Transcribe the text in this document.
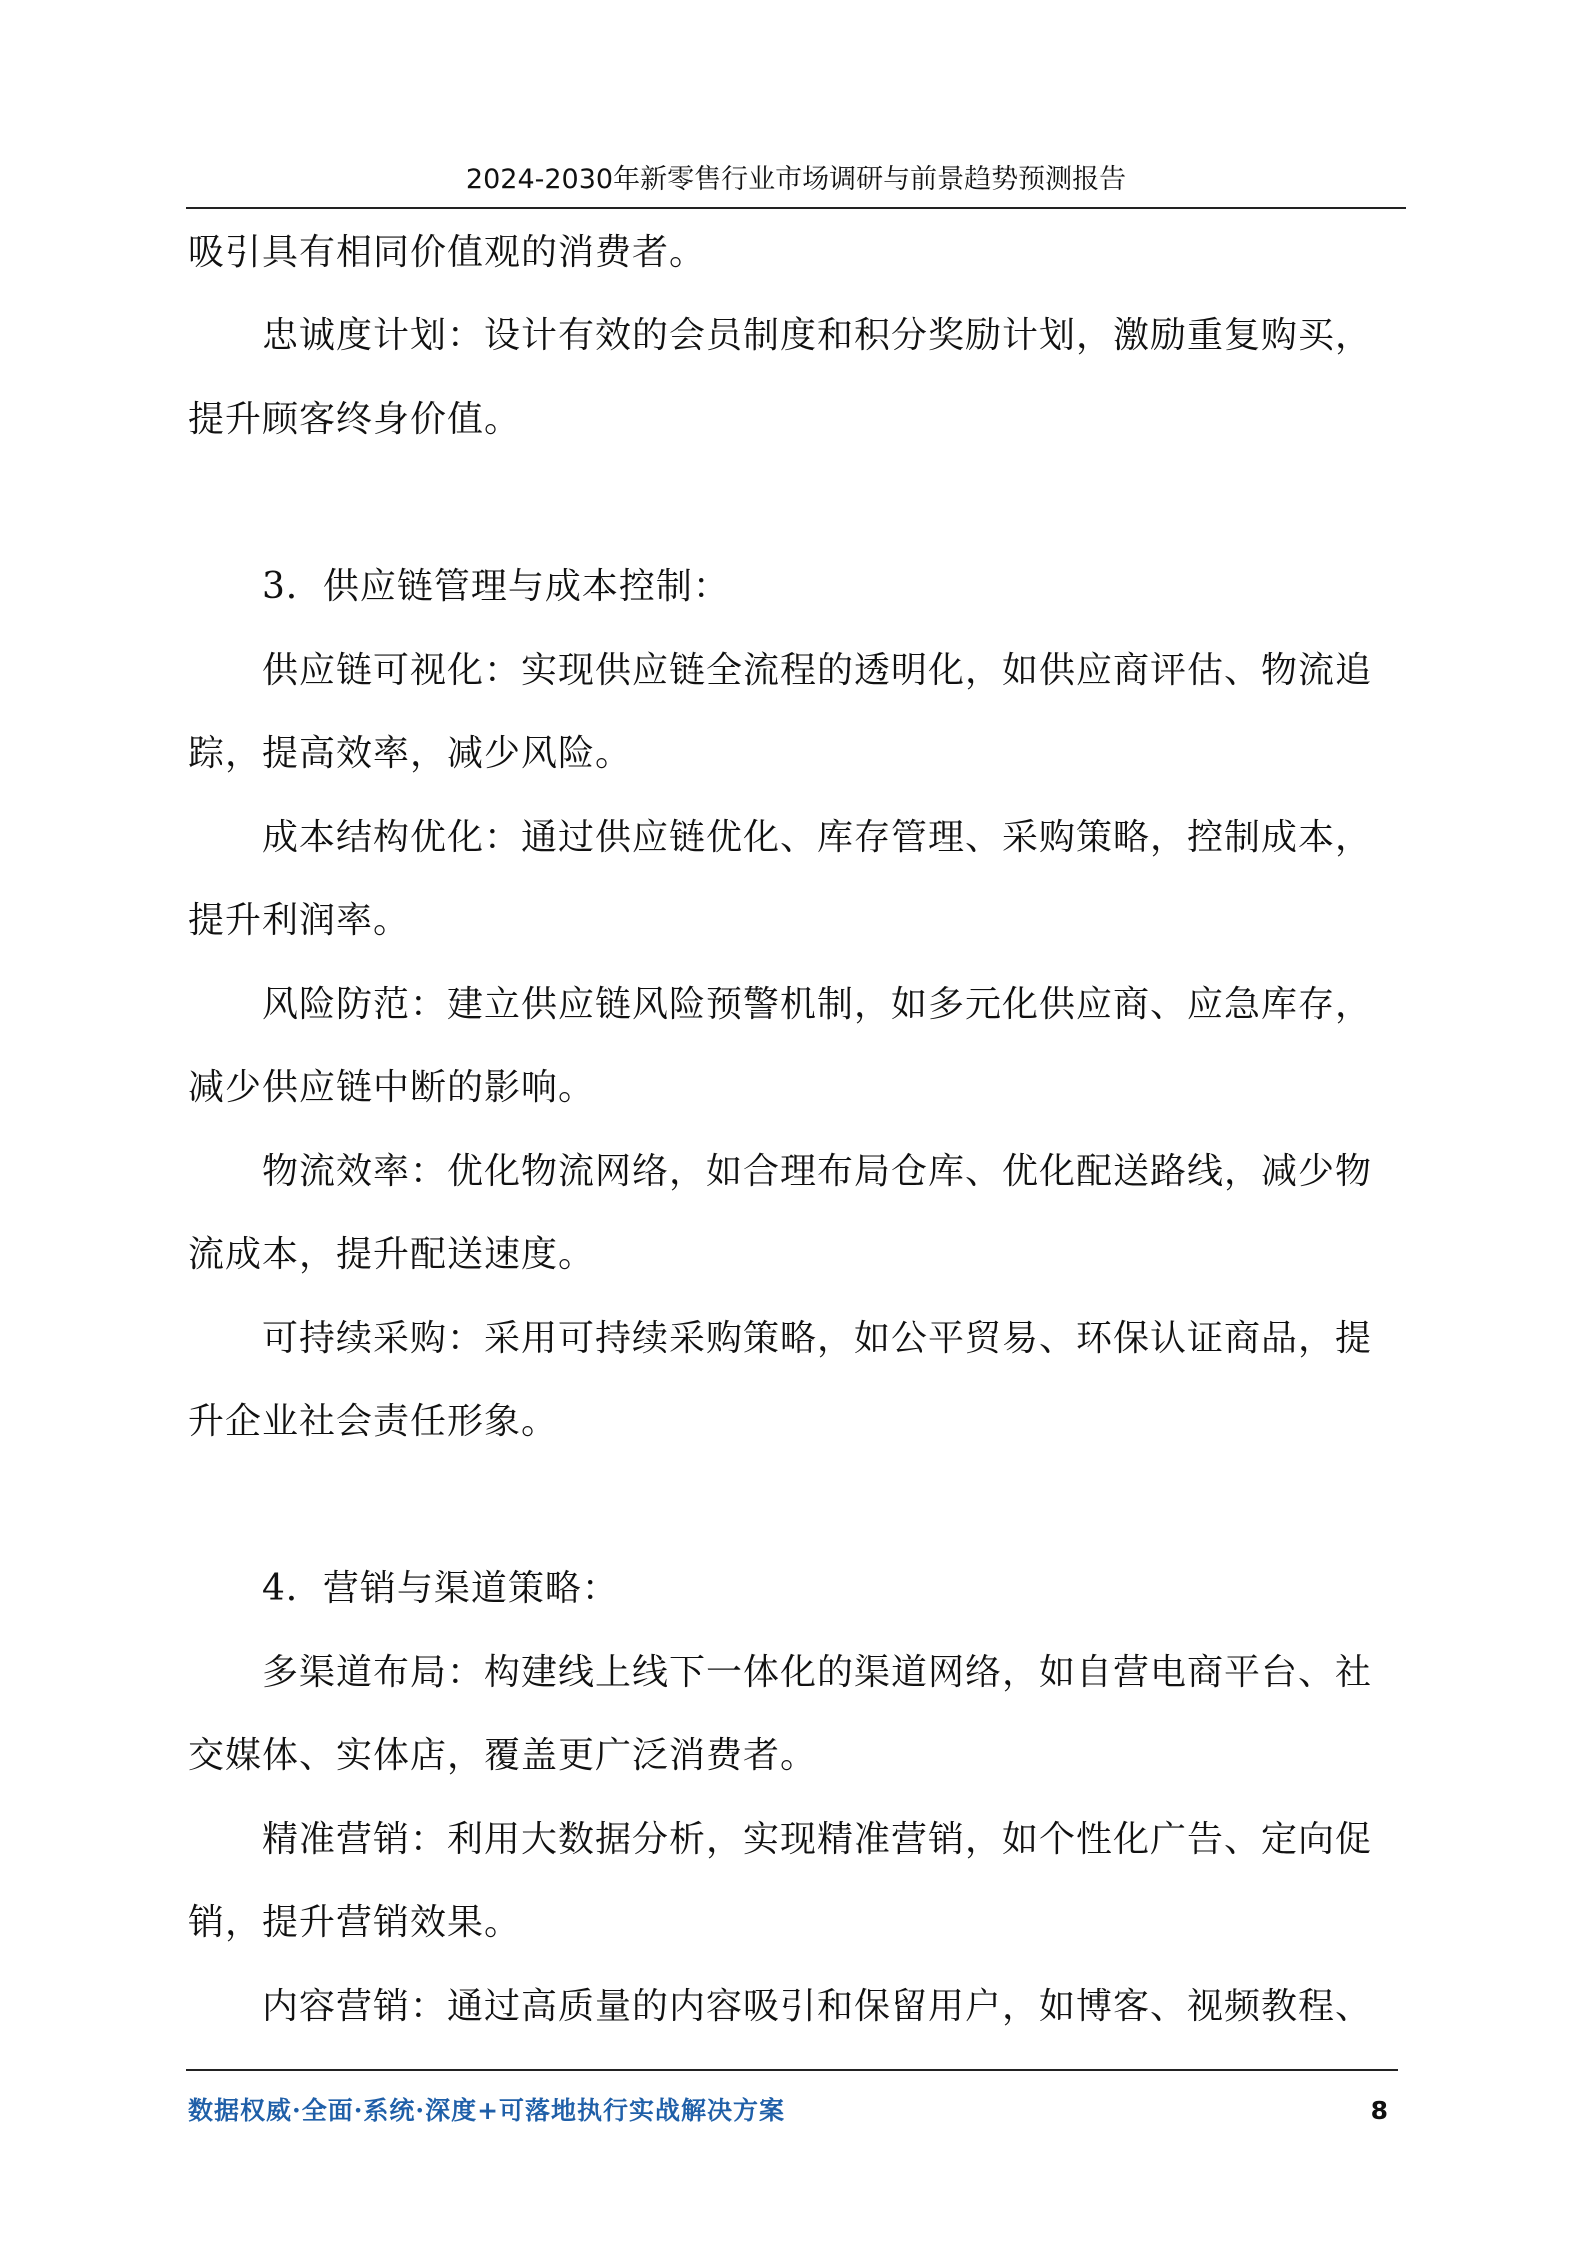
2024-2030年新零售行业市场调研与前景趋势预测报告

吸引具有相同价值观的消费者。

忠诚度计划：设计有效的会员制度和积分奖励计划，激励重复购买，

提升顾客终身价值。

3．供应链管理与成本控制：

供应链可视化：实现供应链全流程的透明化，如供应商评估、物流追

踪，提高效率，减少风险。

成本结构优化：通过供应链优化、库存管理、采购策略，控制成本，

提升利润率。

风险防范：建立供应链风险预警机制，如多元化供应商、应急库存，

减少供应链中断的影响。

物流效率：优化物流网络，如合理布局仓库、优化配送路线，减少物

流成本，提升配送速度。

可持续采购：采用可持续采购策略，如公平贸易、环保认证商品，提

升企业社会责任形象。

4．营销与渠道策略：

多渠道布局：构建线上线下一体化的渠道网络，如自营电商平台、社

交媒体、实体店，覆盖更广泛消费者。

精准营销：利用大数据分析，实现精准营销，如个性化广告、定向促

销，提升营销效果。

内容营销：通过高质量的内容吸引和保留用户，如博客、视频教程、

数据权威·全面·系统·深度+可落地执行实战解决方案	8
